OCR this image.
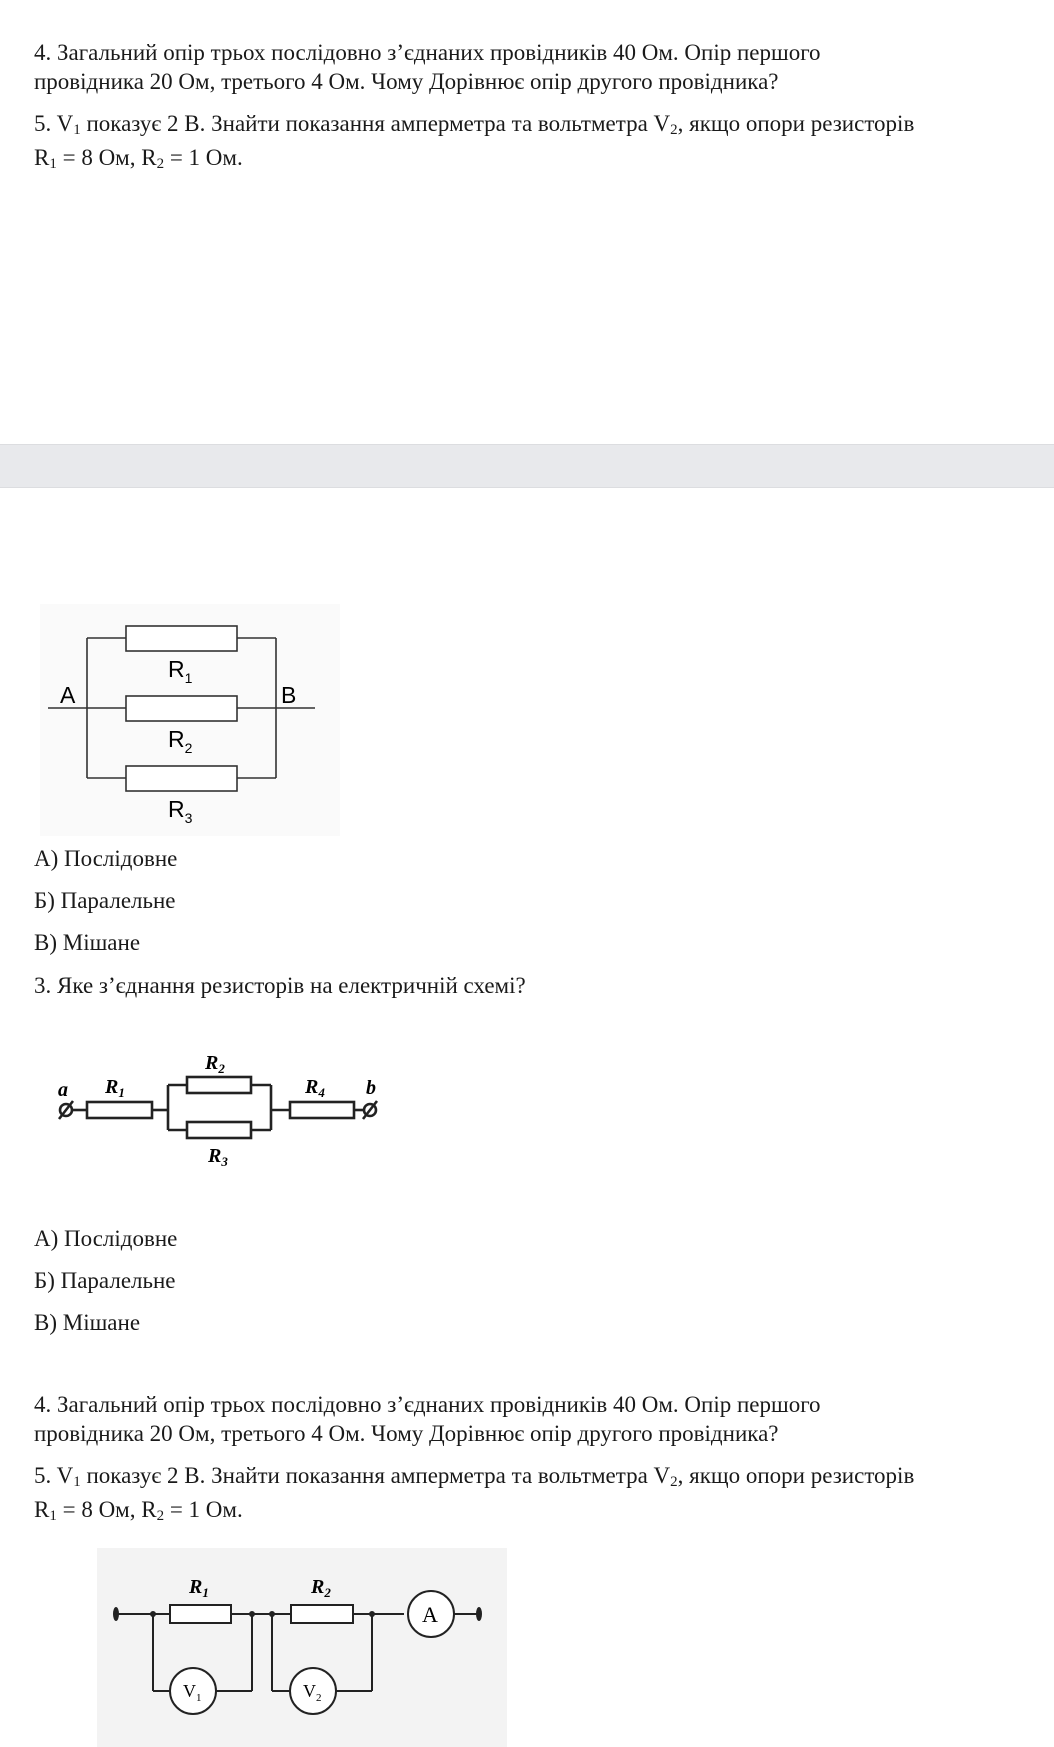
4. Загальний опір трьох послідовно з’єднаних провідників 40 Ом. Опір першого
провідника 20 Ом, третього 4 Ом. Чому Дорівнює опір другого провідника?
5. $V_1$ показує 2 В. Знайти показання амперметра та вольтметра $V_2$, якщо опори резисторів
$R_1 = 8$ Ом, $R_2 = 1$ Ом.
A	B
$R_1$
$R_2$
$R_3$
А) Послідовне
Б) Паралельне
В) Мішане
3. Яке з’єднання резисторів на електричній схемі?
a	b
$R_1$
$R_2$
$R_3$
$R_4$
А) Послідовне
Б) Паралельне
В) Мішане
4. Загальний опір трьох послідовно з’єднаних провідників 40 Ом. Опір першого
провідника 20 Ом, третього 4 Ом. Чому Дорівнює опір другого провідника?
5. $V_1$ показує 2 В. Знайти показання амперметра та вольтметра $V_2$, якщо опори резисторів
$R_1 = 8$ Ом, $R_2 = 1$ Ом.
$R_1$	$R_2$
A
$V_1$	$V_2$
